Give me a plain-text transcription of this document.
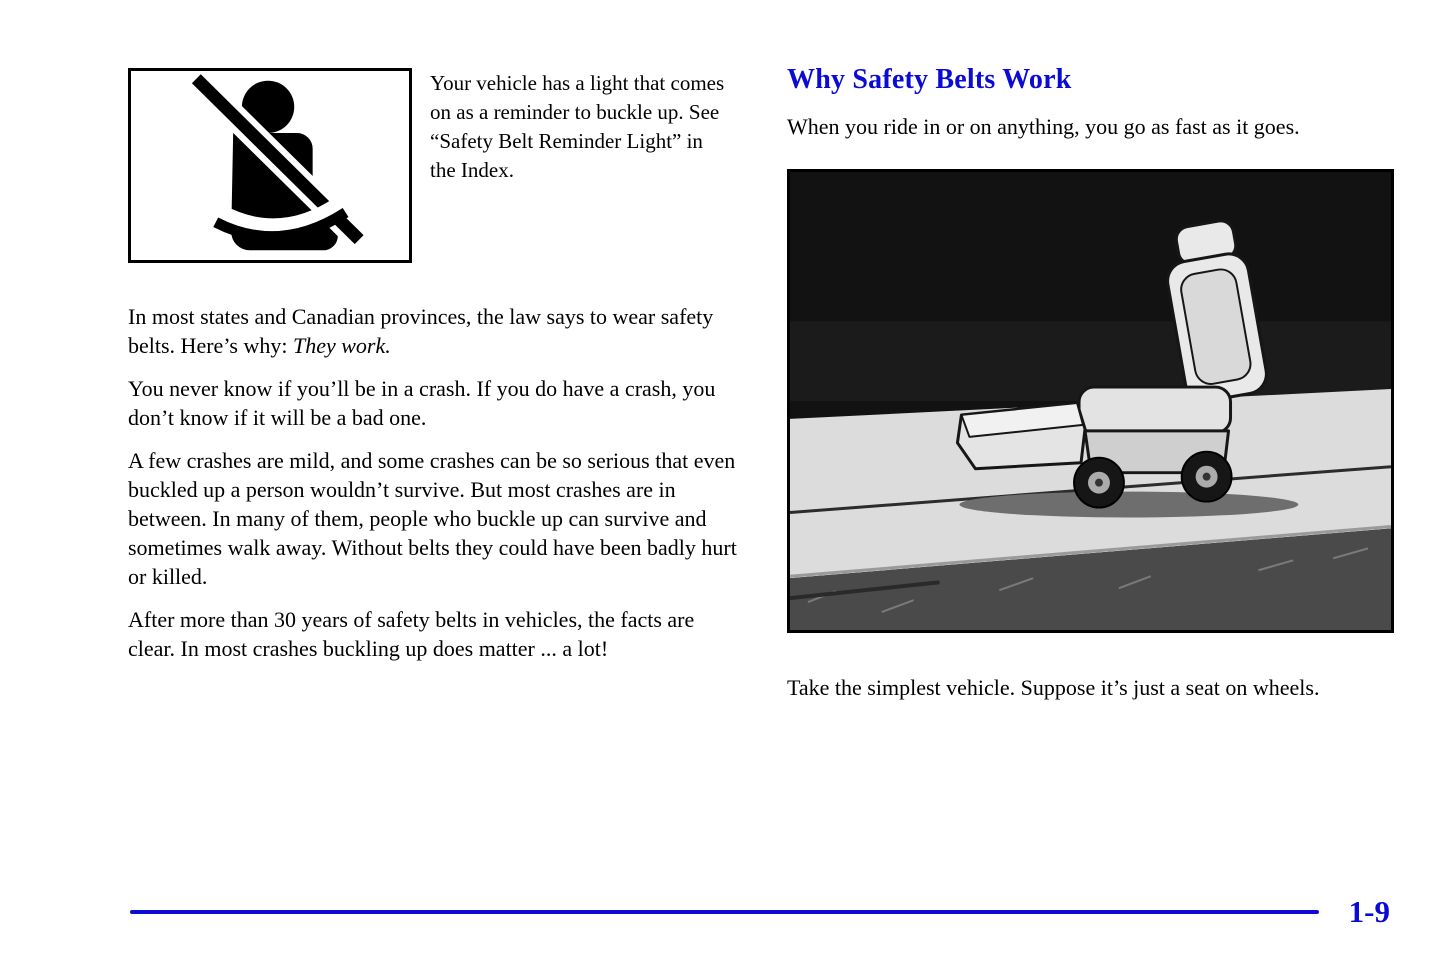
Your vehicle has a light that comes on as a reminder to buckle up. See “Safety Belt Reminder Light” in the Index.

In most states and Canadian provinces, the law says to wear safety belts. Here’s why: They work.

You never know if you’ll be in a crash. If you do have a crash, you don’t know if it will be a bad one.

A few crashes are mild, and some crashes can be so serious that even buckled up a person wouldn’t survive. But most crashes are in between. In many of them, people who buckle up can survive and sometimes walk away. Without belts they could have been badly hurt or killed.

After more than 30 years of safety belts in vehicles, the facts are clear. In most crashes buckling up does matter ... a lot!

Why Safety Belts Work

When you ride in or on anything, you go as fast as it goes.

Take the simplest vehicle. Suppose it’s just a seat on wheels.

1-9
